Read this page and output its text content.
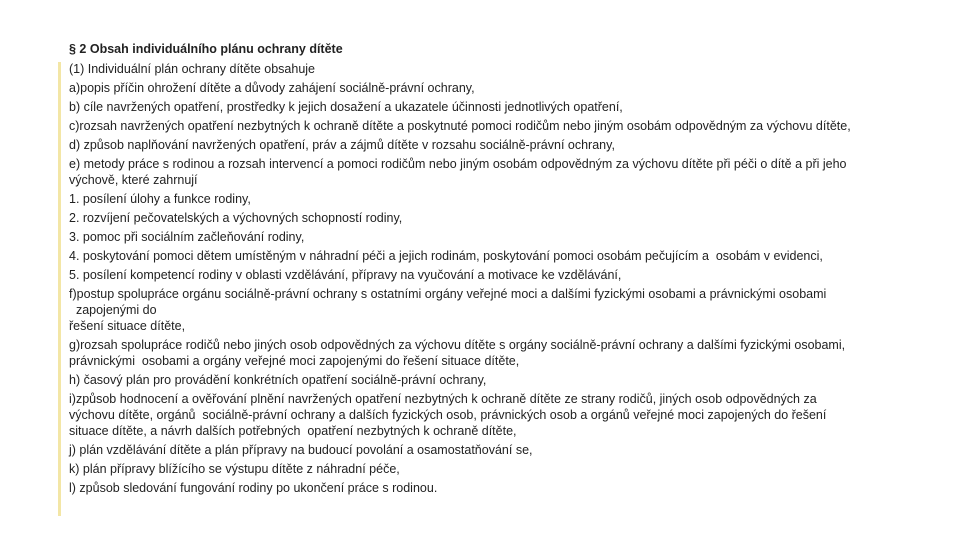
§ 2 Obsah individuálního plánu ochrany dítěte
(1) Individuální plán ochrany dítěte obsahuje
a)popis příčin ohrožení dítěte a důvody zahájení sociálně-právní ochrany,
b) cíle navržených opatření, prostředky k jejich dosažení a ukazatele účinnosti jednotlivých opatření,
c)rozsah navržených opatření nezbytných k ochraně dítěte a poskytnuté pomoci rodičům nebo jiným osobám odpovědným za výchovu dítěte,
d) způsob naplňování navržených opatření, práv a zájmů dítěte v rozsahu sociálně-právní ochrany,
e) metody práce s rodinou a rozsah intervencí a pomoci rodičům nebo jiným osobám odpovědným za výchovu dítěte při péči o dítě a při jeho
výchově, které zahrnují
1. posílení úlohy a funkce rodiny,
2. rozvíjení pečovatelských a výchovných schopností rodiny,
3. pomoc při sociálním začleňování rodiny,
4. poskytování pomoci dětem umístěným v náhradní péči a jejich rodinám, poskytování pomoci osobám pečujícím a  osobám v evidenci,
5. posílení kompetencí rodiny v oblasti vzdělávání, přípravy na vyučování a motivace ke vzdělávání,
f)postup spolupráce orgánu sociálně-právní ochrany s ostatními orgány veřejné moci a dalšími fyzickými osobami a právnickými osobami
zapojenými do
řešení situace dítěte,
g)rozsah spolupráce rodičů nebo jiných osob odpovědných za výchovu dítěte s orgány sociálně-právní ochrany a dalšími fyzickými osobami,
právnickými  osobami a orgány veřejné moci zapojenými do řešení situace dítěte,
h) časový plán pro provádění konkrétních opatření sociálně-právní ochrany,
i)způsob hodnocení a ověřování plnění navržených opatření nezbytných k ochraně dítěte ze strany rodičů, jiných osob odpovědných za
výchovu dítěte, orgánů  sociálně-právní ochrany a dalších fyzických osob, právnických osob a orgánů veřejné moci zapojených do řešení
situace dítěte, a návrh dalších potřebných  opatření nezbytných k ochraně dítěte,
j) plán vzdělávání dítěte a plán přípravy na budoucí povolání a osamostatňování se,
k) plán přípravy blížícího se výstupu dítěte z náhradní péče,
l) způsob sledování fungování rodiny po ukončení práce s rodinou.
